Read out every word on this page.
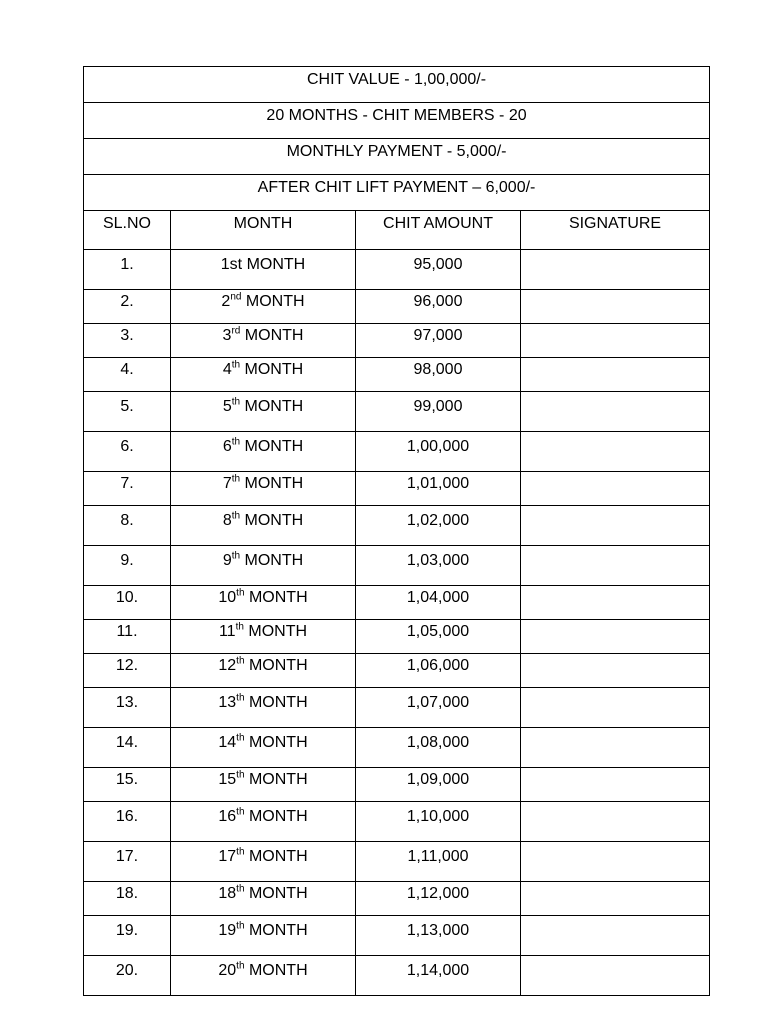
CHIT VALUE - 1,00,000/-			
20 MONTHS - CHIT MEMBERS - 20			
MONTHLY PAYMENT - 5,000/-			
AFTER CHIT LIFT PAYMENT – 6,000/-			
SL.NO	MONTH	CHIT AMOUNT	SIGNATURE
1.	1st MONTH	95,000	
2.	2nd MONTH	96,000	
3.	3rd MONTH	97,000	
4.	4th MONTH	98,000	
5.	5th MONTH	99,000	
6.	6th MONTH	1,00,000	
7.	7th MONTH	1,01,000	
8.	8th MONTH	1,02,000	
9.	9th MONTH	1,03,000	
10.	10th MONTH	1,04,000	
11.	11th MONTH	1,05,000	
12.	12th MONTH	1,06,000	
13.	13th MONTH	1,07,000	
14.	14th MONTH	1,08,000	
15.	15th MONTH	1,09,000	
16.	16th MONTH	1,10,000	
17.	17th MONTH	1,11,000	
18.	18th MONTH	1,12,000	
19.	19th MONTH	1,13,000	
20.	20th MONTH	1,14,000	
